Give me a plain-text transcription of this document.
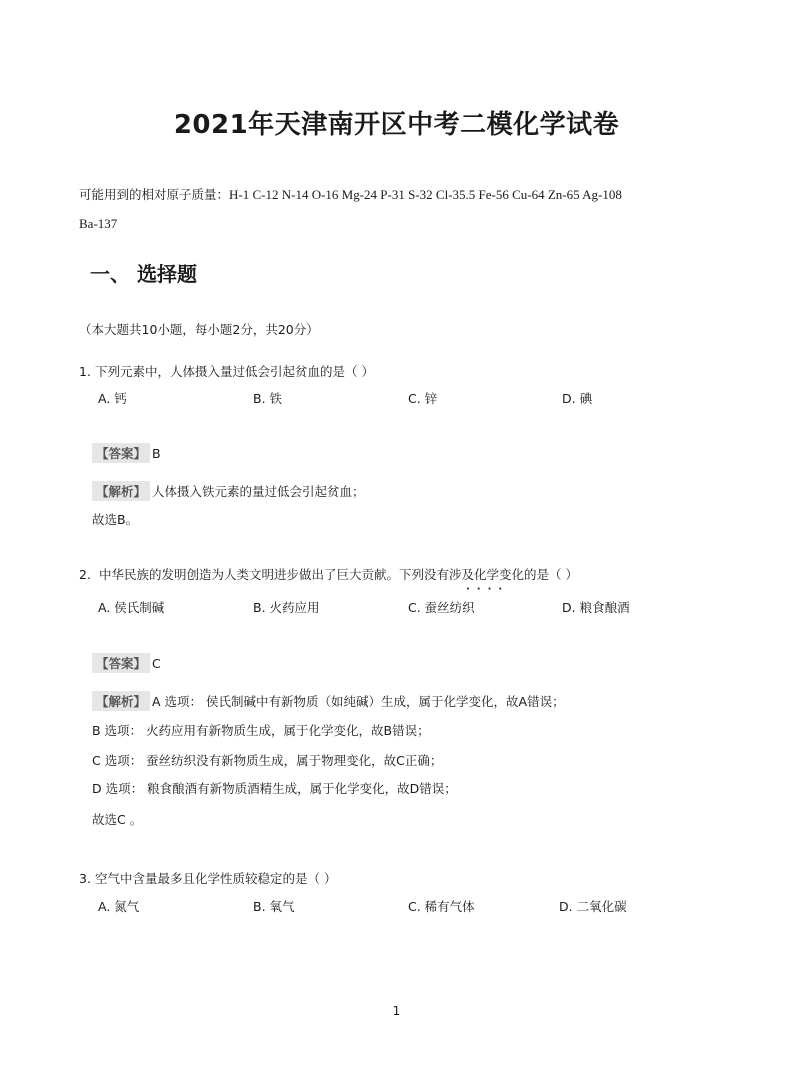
2021年天津南开区中考二模化学试卷
可能用到的相对原子质量：H-1 C-12 N-14 O-16 Mg-24 P-31 S-32 Cl-35.5 Fe-56 Cu-64 Zn-65 Ag-108
Ba-137
一、 选择题
（本大题共10小题，每小题2分，共20分）
1. 下列元素中，人体摄入量过低会引起贫血的是（ ）
A. 钙	B. 铁	C. 锌	D. 碘
【答案】 B
【解析】 人体摄入铁元素的量过低会引起贫血；
故选B。
2. 中华民族的发明创造为人类文明进步做出了巨大贡献。下列没有涉及化学变化的是（ ）
····
A. 侯氏制碱	B. 火药应用	C. 蚕丝纺织	D. 粮食酿酒
【答案】 C
【解析】 A 选项： 侯氏制碱中有新物质（如纯碱）生成，属于化学变化，故A错误；
B 选项： 火药应用有新物质生成，属于化学变化，故B错误；
C 选项： 蚕丝纺织没有新物质生成，属于物理变化，故C正确；
D 选项： 粮食酿酒有新物质酒精生成，属于化学变化，故D错误；
故选C 。
3. 空气中含量最多且化学性质较稳定的是（ ）
A. 氮气	B. 氧气	C. 稀有气体	D. 二氧化碳
1
